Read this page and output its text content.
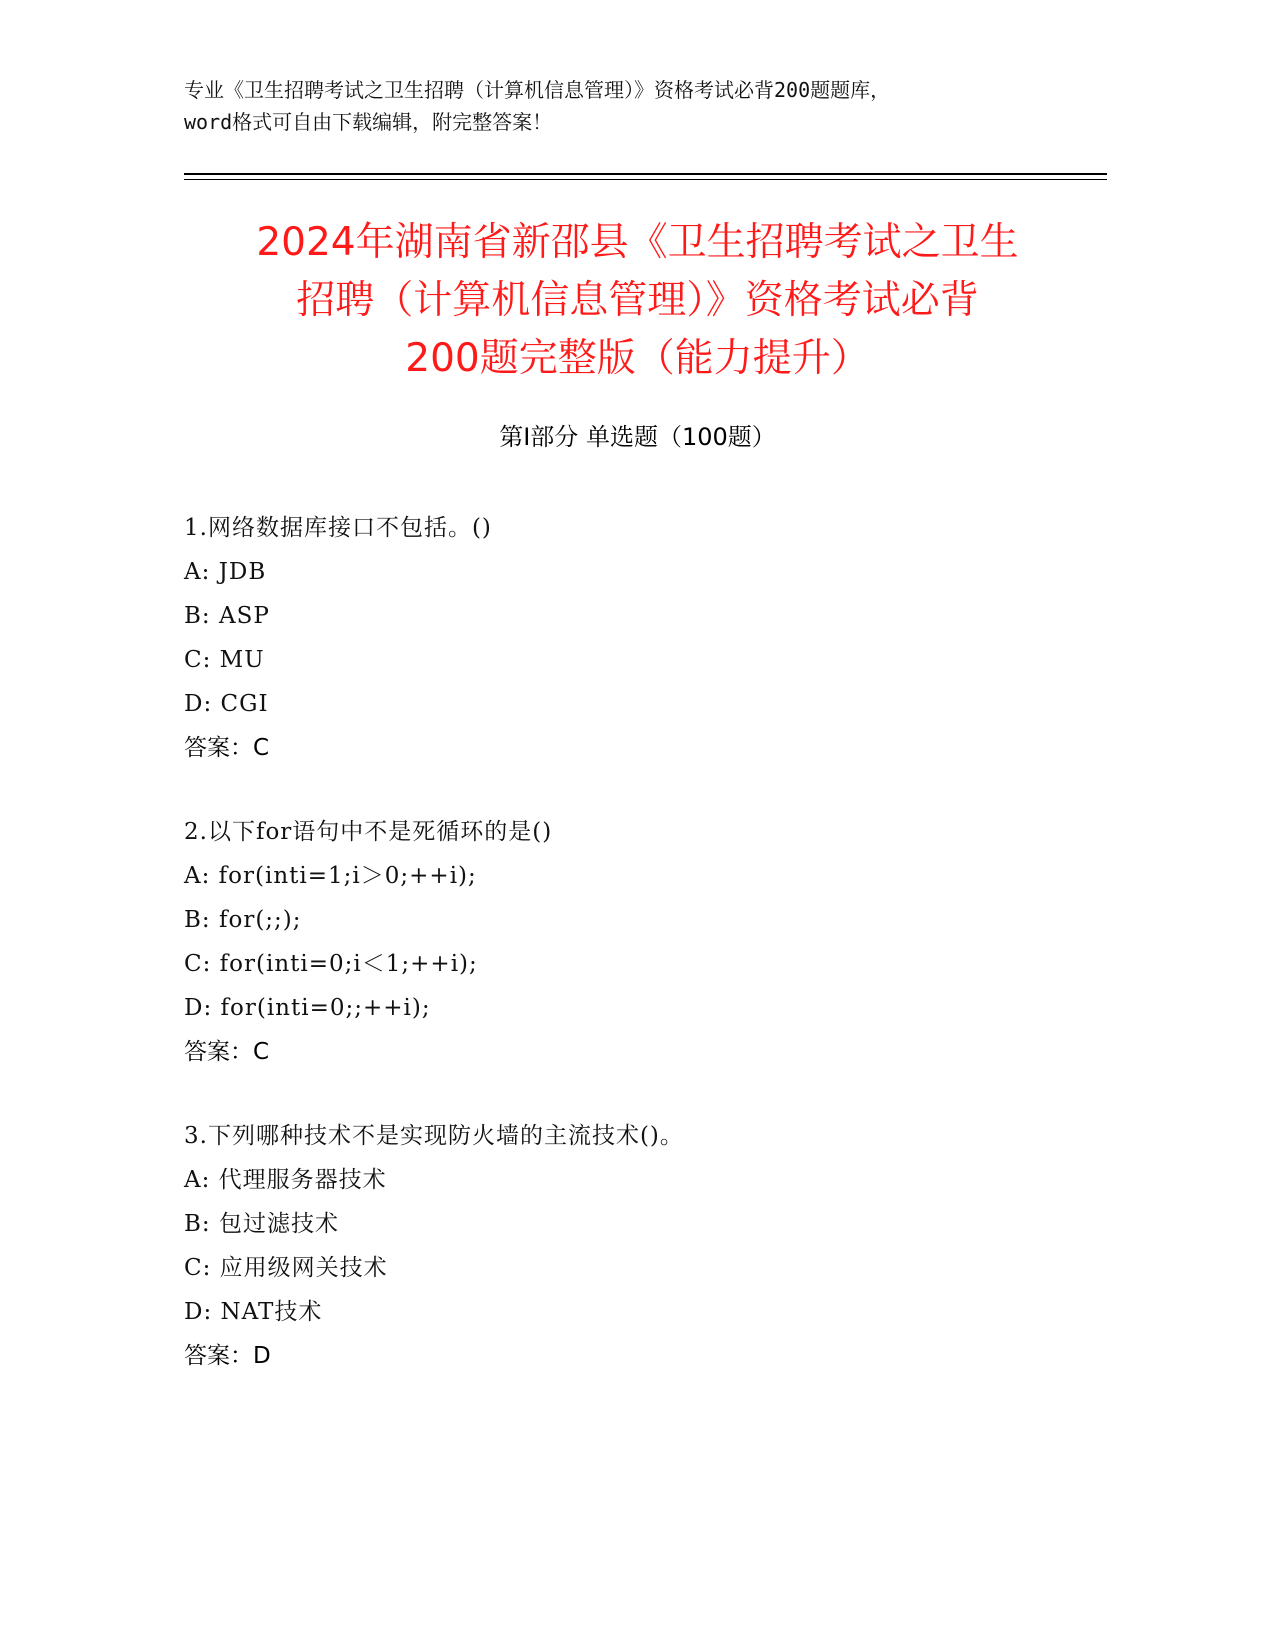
专业《卫生招聘考试之卫生招聘（计算机信息管理）》资格考试必背200题题库，
word格式可自由下载编辑，附完整答案！
2024年湖南省新邵县《卫生招聘考试之卫生
招聘（计算机信息管理）》资格考试必背
200题完整版（能力提升）
第Ⅰ部分 单选题（100题）
1.网络数据库接口不包括。()
A: JDB
B: ASP
C: MU
D: CGI
答案：C
2.以下for语句中不是死循环的是()
A: for(inti=1;i＞0;++i);
B: for(;;);
C: for(inti=0;i＜1;++i);
D: for(inti=0;;++i);
答案：C
3.下列哪种技术不是实现防火墙的主流技术()。
A: 代理服务器技术
B: 包过滤技术
C: 应用级网关技术
D: NAT技术
答案：D
